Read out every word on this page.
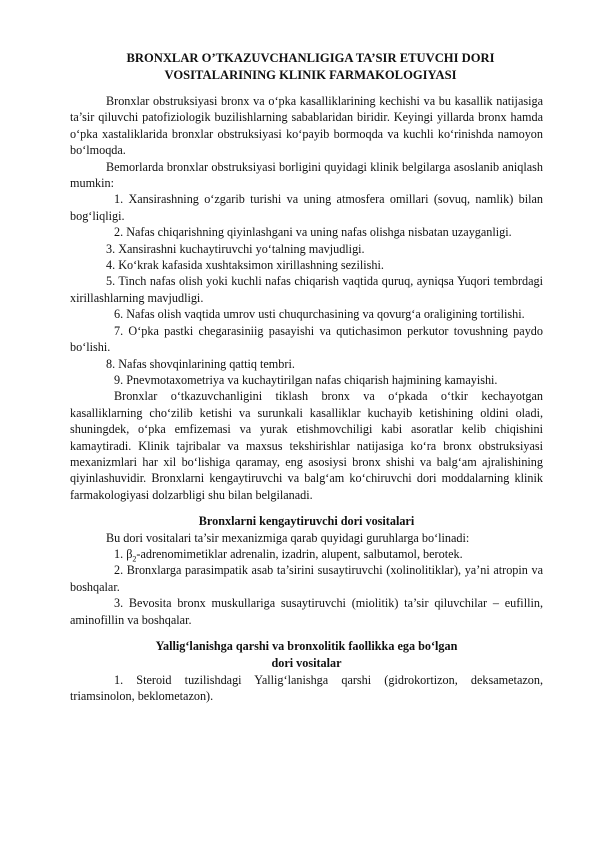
BRONXLAR O’TKAZUVCHANLIGIGA TA’SIR ETUVCHI DORI
VOSITALARINING KLINIK FARMAKOLOGIYASI

Bronxlar obstruksiyasi bronx va o‘pka kasalliklarining kechishi va bu kasallik natijasiga ta’sir qiluvchi patofiziologik buzilishlarning sabablaridan biridir. Keyingi yillarda bronx hamda o‘pka xastaliklarida bronxlar obstruksiyasi ko‘payib bormoqda va kuchli ko‘rinishda namoyon bo‘lmoqda.

Bemorlarda bronxlar obstruksiyasi borligini quyidagi klinik belgilarga asoslanib aniqlash mumkin:

1. Xansirashning o‘zgarib turishi va uning atmosfera omillari (sovuq, namlik) bilan bog‘liqligi.

2. Nafas chiqarishning qiyinlashgani va uning nafas olishga nisbatan uzayganligi.

3. Xansirashni kuchaytiruvchi yo‘talning mavjudligi.

4. Ko‘krak kafasida xushtaksimon xirillashning sezilishi.

5. Tinch nafas olish yoki kuchli nafas chiqarish vaqtida quruq, ayniqsa Yuqori tembrdagi xirillashlarning mavjudligi.

6. Nafas olish vaqtida umrov usti chuqurchasining va qovurg‘a oraligining tortilishi.

7. O‘pka pastki chegarasiniig pasayishi va qutichasimon perkutor tovushning paydo bo‘lishi.

8. Nafas shovqinlarining qattiq tembri.

9. Pnevmotaxometriya va kuchaytirilgan nafas chiqarish hajmining kamayishi.

Bronxlar o‘tkazuvchanligini tiklash bronx va o‘pkada o‘tkir kechayotgan kasalliklarning cho‘zilib ketishi va surunkali kasalliklar kuchayib ketishining oldini oladi, shuningdek, o‘pka emfizemasi va yurak etishmovchiligi kabi asoratlar kelib chiqishini kamaytiradi. Klinik tajribalar va maxsus tekshirishlar natijasiga ko‘ra bronx obstruksiyasi mexanizmlari har xil bo‘lishiga qaramay, eng asosiysi bronx shishi va balg‘am ajralishining qiyinlashuvidir. Bronxlarni kengaytiruvchi va balg‘am ko‘chiruvchi dori moddalarning klinik farmakologiyasi dolzarbligi shu bilan belgilanadi.

Bronxlarni kengaytiruvchi dori vositalari

Bu dori vositalari ta’sir mexanizmiga qarab quyidagi guruhlarga bo‘linadi:

1. $\beta_2$-adrenomimetiklar adrenalin, izadrin, alupent, salbutamol, berotek.

2. Bronxlarga parasimpatik asab ta’sirini susaytiruvchi (xolinolitiklar), ya’ni atropin va boshqalar.

3. Bevosita bronx muskullariga susaytiruvchi (miolitik) ta’sir qiluvchilar – eufillin, aminofillin va boshqalar.

Yallig‘lanishga qarshi va bronxolitik faollikka ega bo‘lgan
dori vositalar

1. Steroid tuzilishdagi Yallig‘lanishga qarshi (gidrokortizon, deksametazon, triamsinolon, beklometazon).
